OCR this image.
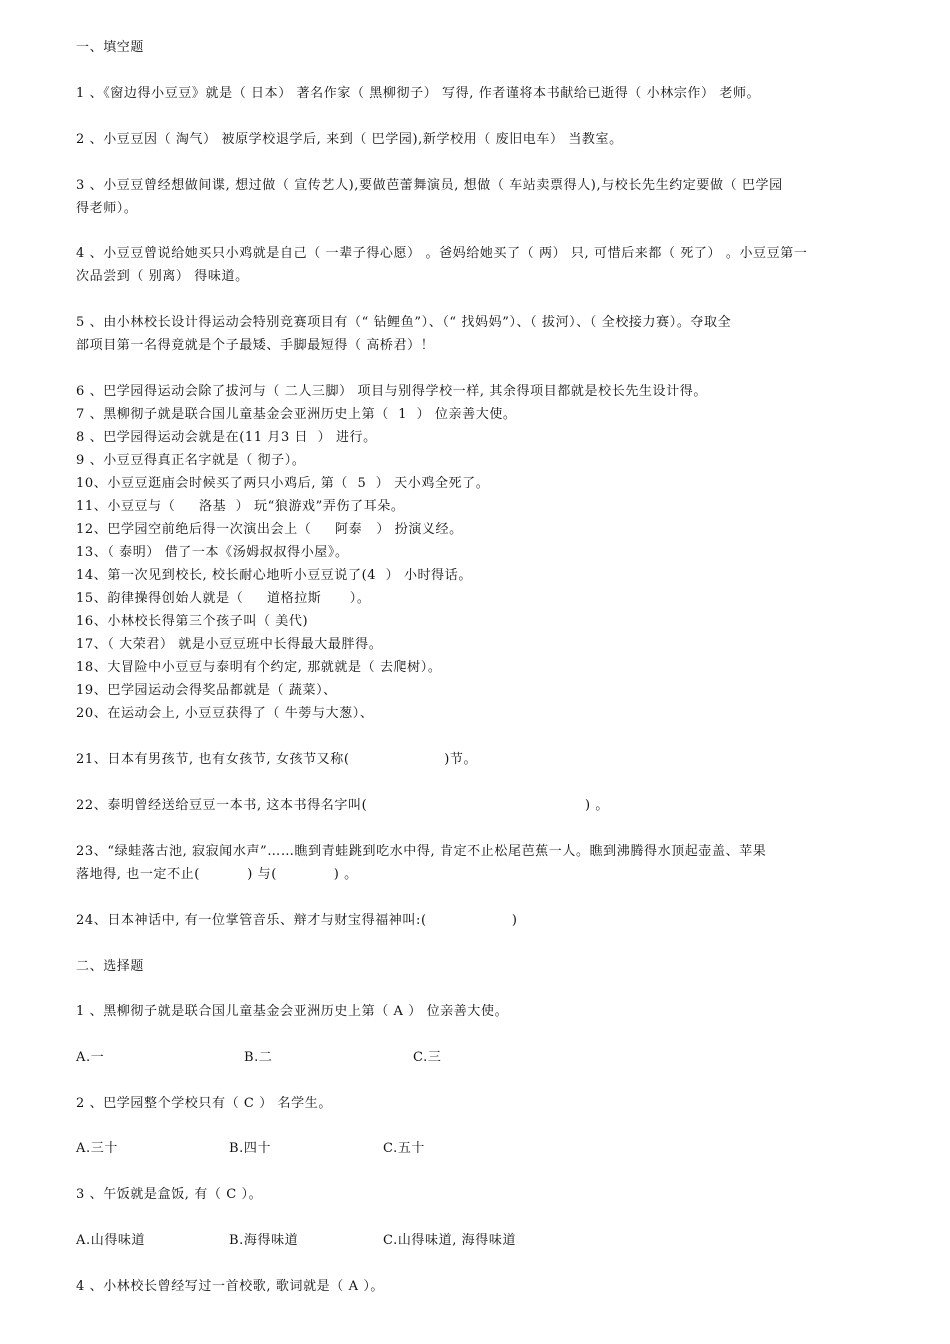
一、填空题
1 、《窗边得小豆豆》就是（ 日本） 著名作家（ 黑柳彻子） 写得, 作者谨将本书献给已逝得（ 小林宗作） 老师。
2 、小豆豆因（ 淘气） 被原学校退学后, 来到（ 巴学园),新学校用（ 废旧电车） 当教室。
3 、小豆豆曾经想做间谍, 想过做（ 宣传艺人),要做芭蕾舞演员, 想做（ 车站卖票得人),与校长先生约定要做（ 巴学园
得老师）。
4 、小豆豆曾说给她买只小鸡就是自己（ 一辈子得心愿） 。爸妈给她买了（ 两） 只, 可惜后来都（ 死了） 。小豆豆第一
次品尝到（ 别离） 得味道。
5 、由小林校长设计得运动会特别竞赛项目有（“ 钻鲤鱼”）、（“ 找妈妈”）、（ 拔河）、（ 全校接力赛）。夺取全
部项目第一名得竟就是个子最矮、手脚最短得（ 高桥君）！
6 、巴学园得运动会除了拔河与（ 二人三脚） 项目与别得学校一样, 其余得项目都就是校长先生设计得。
7 、黑柳彻子就是联合国儿童基金会亚洲历史上第（  1  ） 位亲善大使。
8 、巴学园得运动会就是在(11 月3 日  ） 进行。
9 、小豆豆得真正名字就是（ 彻子）。
10、小豆豆逛庙会时候买了两只小鸡后, 第（  5  ） 天小鸡全死了。
11、小豆豆与（     洛基  ） 玩“狼游戏”弄伤了耳朵。
12、巴学园空前绝后得一次演出会上（     阿泰   ） 扮演义经。
13、（ 泰明） 借了一本《汤姆叔叔得小屋》。
14、第一次见到校长, 校长耐心地听小豆豆说了(4  ） 小时得话。
15、韵律操得创始人就是（     道格拉斯      ）。
16、小林校长得第三个孩子叫（ 美代)
17、（ 大荣君） 就是小豆豆班中长得最大最胖得。
18、大冒险中小豆豆与泰明有个约定, 那就就是（ 去爬树）。
19、巴学园运动会得奖品都就是（ 蔬菜）、
20、在运动会上, 小豆豆获得了（ 牛蒡与大葱）、
21、日本有男孩节, 也有女孩节, 女孩节又称(                    )节。
22、泰明曾经送给豆豆一本书, 这本书得名字叫(                                              ) 。
23、“绿蛙落古池, 寂寂闻水声”……瞧到青蛙跳到吃水中得, 肯定不止松尾芭蕉一人。瞧到沸腾得水顶起壶盖、苹果
落地得, 也一定不止(          ) 与(            ) 。
24、日本神话中, 有一位掌管音乐、辩才与财宝得福神叫:(                  )
二、选择题
1 、黑柳彻子就是联合国儿童基金会亚洲历史上第（ A ） 位亲善大使。
A.一	B.二	C.三
2 、巴学园整个学校只有（ C ） 名学生。
A.三十	B.四十	C.五十
3 、午饭就是盒饭, 有（ C ）。
A.山得味道	B.海得味道	C.山得味道, 海得味道
4 、小林校长曾经写过一首校歌, 歌词就是（ A ）。
